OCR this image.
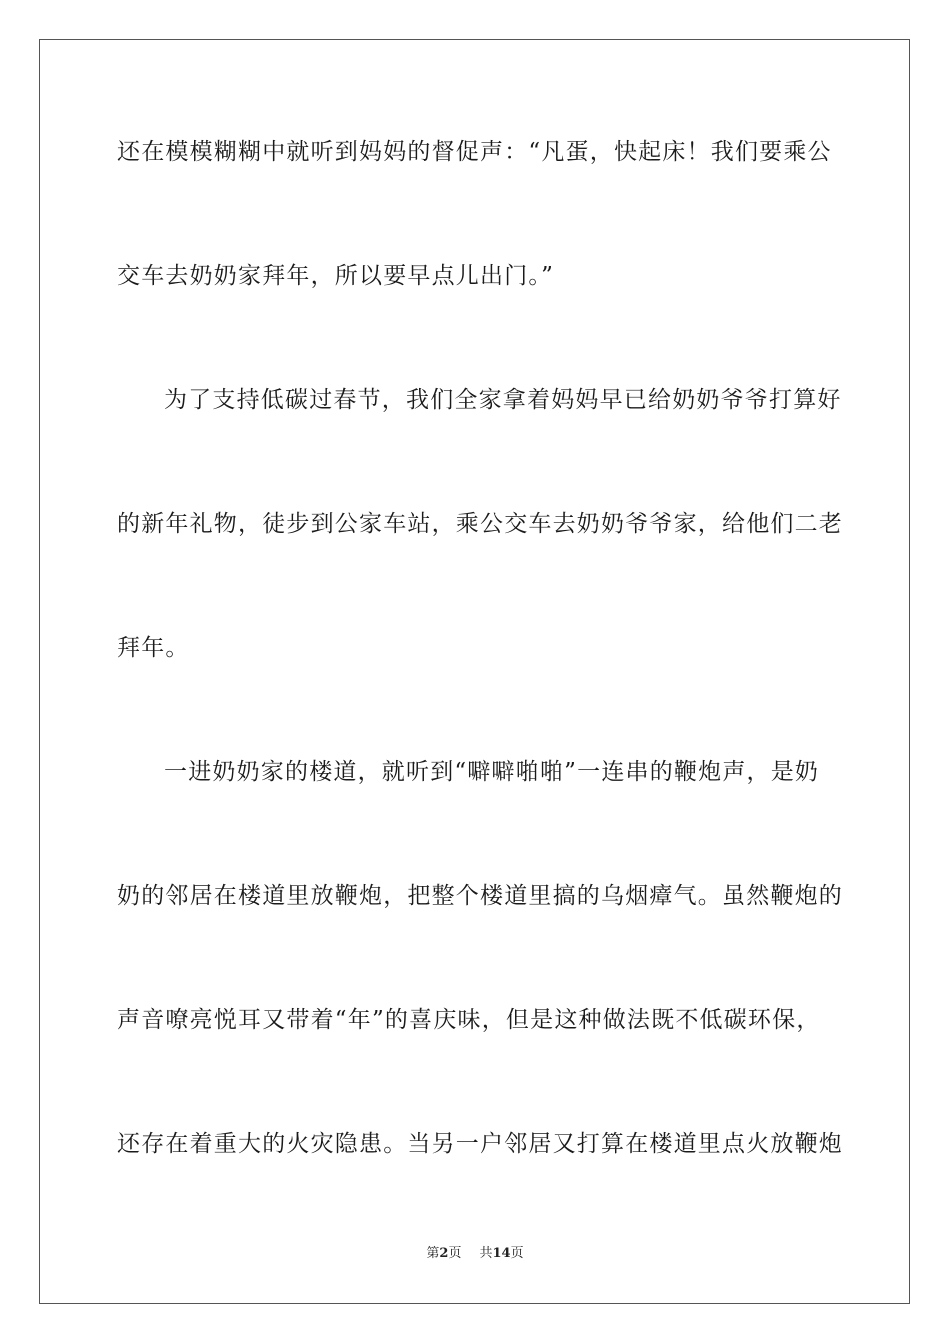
还在模模糊糊中就听到妈妈的督促声：“凡蛋，快起床！我们要乘公
交车去奶奶家拜年，所以要早点儿出门。”
为了支持低碳过春节，我们全家拿着妈妈早已给奶奶爷爷打算好
的新年礼物，徒步到公家车站，乘公交车去奶奶爷爷家，给他们二老
拜年。
一进奶奶家的楼道，就听到“噼噼啪啪”一连串的鞭炮声，是奶
奶的邻居在楼道里放鞭炮，把整个楼道里搞的乌烟瘴气。虽然鞭炮的
声音嘹亮悦耳又带着“年”的喜庆味，但是这种做法既不低碳环保，
还存在着重大的火灾隐患。当另一户邻居又打算在楼道里点火放鞭炮
第2页 共14页
